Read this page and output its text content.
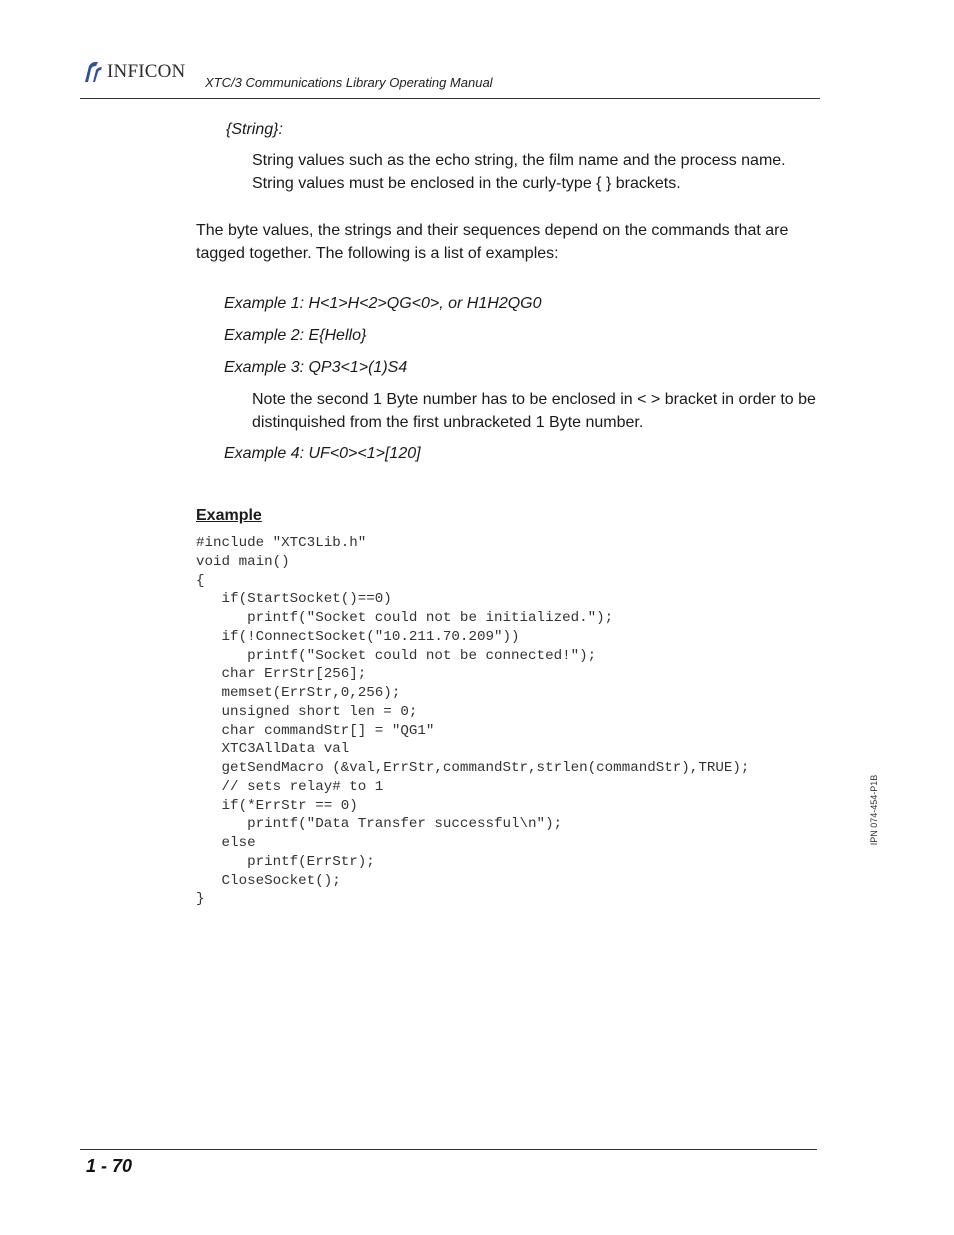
INFICON
XTC/3 Communications Library Operating Manual
{String}:
String values such as the echo string, the film name and the process name. String values must be enclosed in the curly-type { } brackets.
The byte values, the strings and their sequences depend on the commands that are tagged together. The following is a list of examples:
Example 1: H<1>H<2>QG<0>, or H1H2QG0
Example 2: E{Hello}
Example 3: QP3<1>(1)S4
Note the second 1 Byte number has to be enclosed in < > bracket in order to be distinquished from the first unbracketed 1 Byte number.
Example 4: UF<0><1>[120]
Example
#include "XTC3Lib.h"
void main()
{
if(StartSocket()==0)
printf("Socket could not be initialized.");
if(!ConnectSocket("10.211.70.209"))
printf("Socket could not be connected!");
char ErrStr[256];
memset(ErrStr,0,256);
unsigned short len = 0;
char commandStr[] = "QG1"
XTC3AllData val
getSendMacro (&val,ErrStr,commandStr,strlen(commandStr),TRUE);
// sets relay# to 1
if(*ErrStr == 0)
printf("Data Transfer successful\n");
else
printf(ErrStr);
CloseSocket();
}
IPN 074-454-P1B
1 - 70
